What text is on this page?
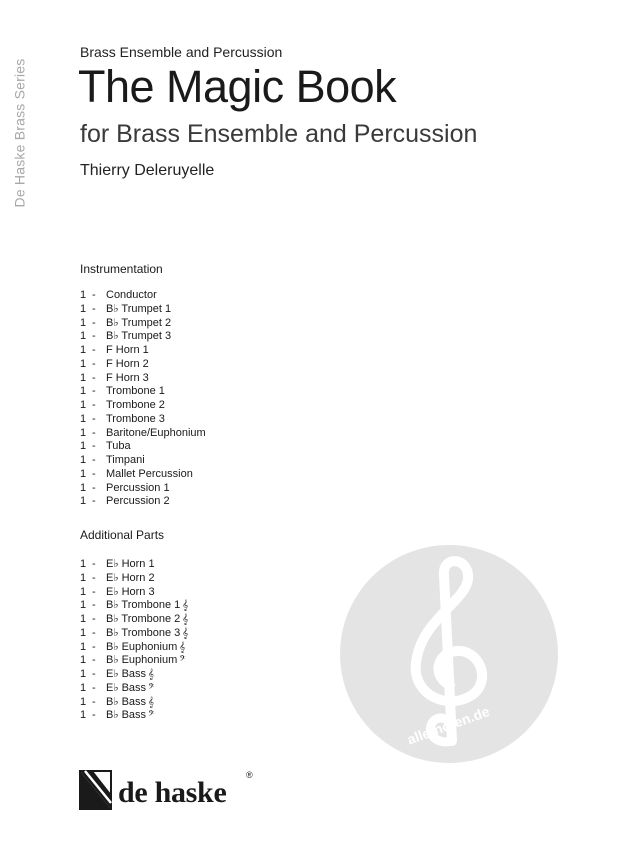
De Haske Brass Series
Brass Ensemble and Percussion
The Magic Book
for Brass Ensemble and Percussion
Thierry Deleruyelle
Instrumentation
1 - Conductor
1 - B♭ Trumpet 1
1 - B♭ Trumpet 2
1 - B♭ Trumpet 3
1 - F Horn 1
1 - F Horn 2
1 - F Horn 3
1 - Trombone 1
1 - Trombone 2
1 - Trombone 3
1 - Baritone/Euphonium
1 - Tuba
1 - Timpani
1 - Mallet Percussion
1 - Percussion 1
1 - Percussion 2
Additional Parts
1 - E♭ Horn 1
1 - E♭ Horn 2
1 - E♭ Horn 3
1 - B♭ Trombone 1 𝄞
1 - B♭ Trombone 2 𝄞
1 - B♭ Trombone 3 𝄞
1 - B♭ Euphonium 𝄞
1 - B♭ Euphonium 𝄢
1 - E♭ Bass 𝄞
1 - E♭ Bass 𝄢
1 - B♭ Bass 𝄞
1 - B♭ Bass 𝄢	alle-noten.de
de haske
®
